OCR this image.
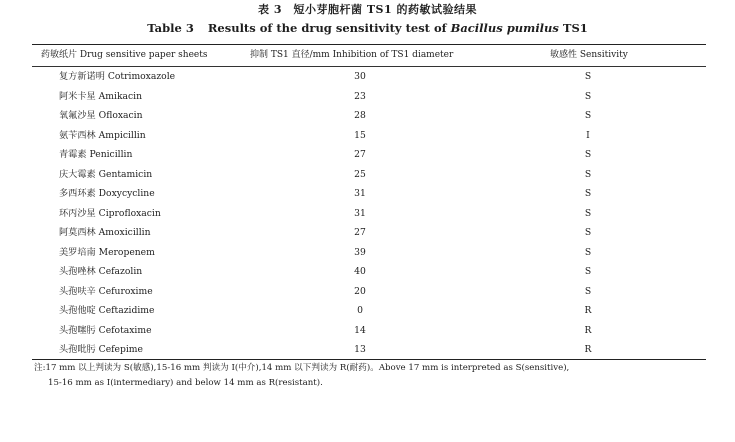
表 3　短小芽胞杆菌 TS1 的药敏试验结果
Table 3 Results of the drug sensitivity test of Bacillus pumilus TS1
药敏纸片 Drug sensitive paper sheets	抑制 TS1 直径/mm Inhibition of TS1 diameter	敏感性 Sensitivity
复方新诺明 Cotrimoxazole	30	S
阿米卡星 Amikacin	23	S
氧氟沙星 Ofloxacin	28	S
氨苄西林 Ampicillin	15	I
青霉素 Penicillin	27	S
庆大霉素 Gentamicin	25	S
多西环素 Doxycycline	31	S
环丙沙星 Ciprofloxacin	31	S
阿莫西林 Amoxicillin	27	S
美罗培南 Meropenem	39	S
头孢唑林 Cefazolin	40	S
头孢呋辛 Cefuroxime	20	S
头孢他啶 Ceftazidime	0	R
头孢噻肟 Cefotaxime	14	R
头孢吡肟 Cefepime	13	R
注:17 mm 以上判读为 S(敏感),15-16 mm 判读为 I(中介),14 mm 以下判读为 R(耐药)。Above 17 mm is interpreted as S(sensitive),
15-16 mm as I(intermediary) and below 14 mm as R(resistant).
